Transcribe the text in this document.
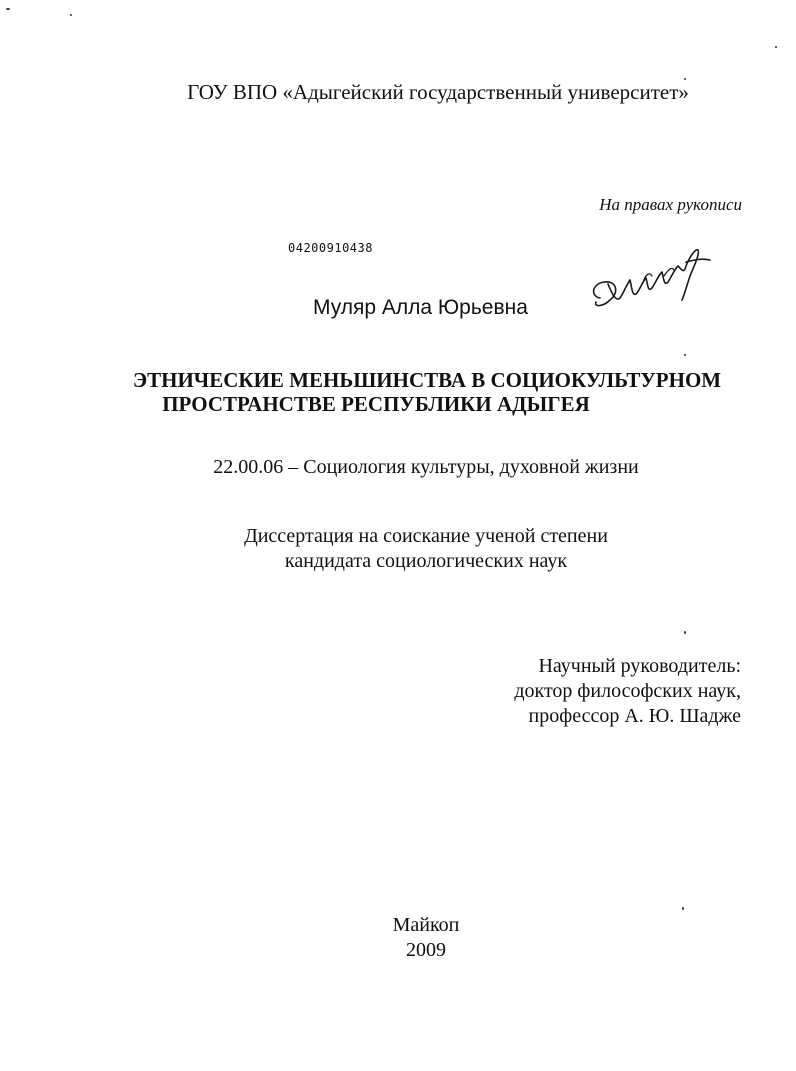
ГОУ ВПО «Адыгейский государственный университет»
На правах рукописи
04200910438
Муляр Алла Юрьевна
ЭТНИЧЕСКИЕ МЕНЬШИНСТВА В СОЦИОКУЛЬТУРНОМ
ПРОСТРАНСТВЕ РЕСПУБЛИКИ АДЫГЕЯ
22.00.06 – Социология культуры, духовной жизни
Диссертация на соискание ученой степени
кандидата социологических наук
Научный руководитель:
доктор философских наук,
профессор А. Ю. Шадже
Майкоп
2009
